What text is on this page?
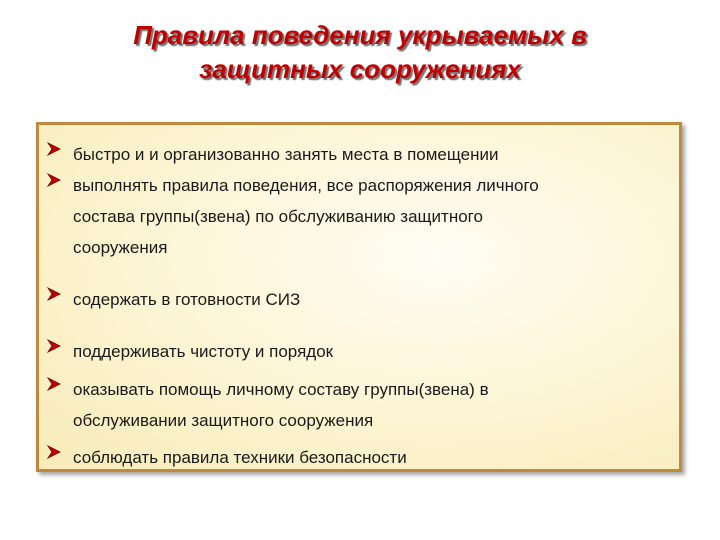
Правила поведения укрываемых в
защитных сооружениях
быстро и и организованно занять места в помещении
выполнять правила поведения, все распоряжения личного
состава группы(звена) по обслуживанию защитного
сооружения
содержать в готовности СИЗ
поддерживать чистоту и порядок
оказывать помощь личному составу группы(звена) в
обслуживании защитного сооружения
соблюдать правила техники безопасности
